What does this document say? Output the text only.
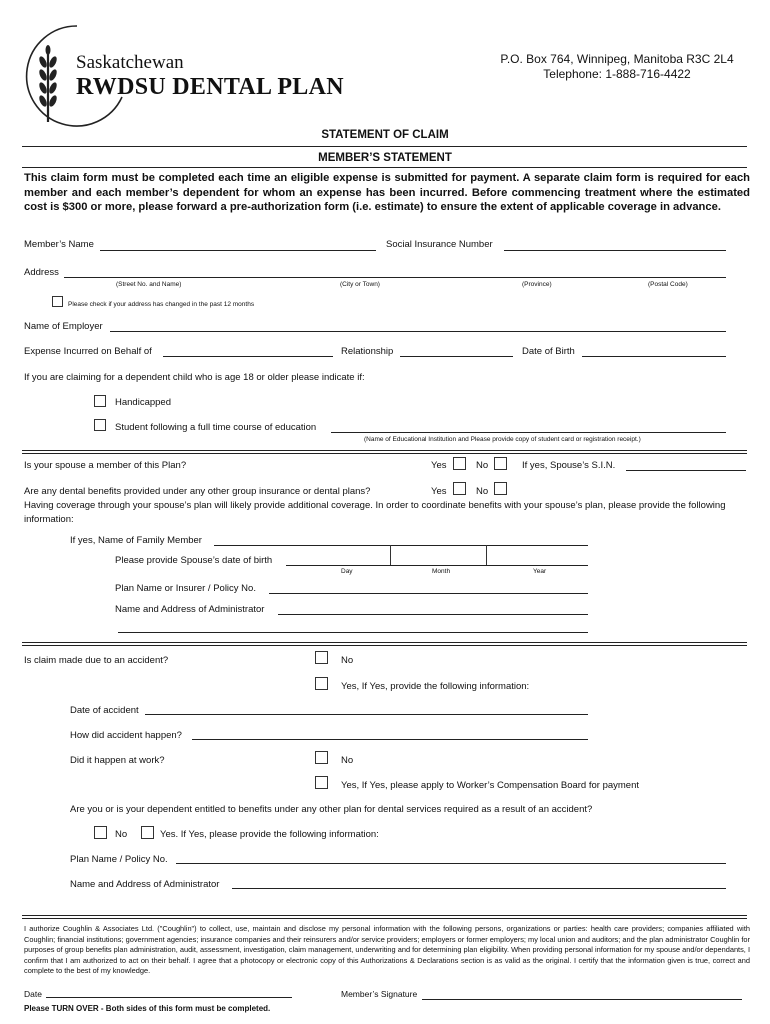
Saskatchewan
RWDSU DENTAL PLAN
P.O. Box 764, Winnipeg, Manitoba R3C 2L4
Telephone: 1-888-716-4422
STATEMENT OF CLAIM
MEMBER’S STATEMENT
This claim form must be completed each time an eligible expense is submitted for payment. A separate claim form is required for each member and each member’s dependent for whom an expense has been incurred. Before commencing treatment where the estimated cost is $300 or more, please forward a pre-authorization form (i.e. estimate) to ensure the extent of applicable coverage in advance.
Member’s Name	Social Insurance Number
Address
(Street No. and Name)	(City or Town)	(Province)	(Postal Code)
Please check if your address has changed in the past 12 months
Name of Employer
Expense Incurred on Behalf of	Relationship	Date of Birth
If you are claiming for a dependent child who is age 18 or older please indicate if:
Handicapped
Student following a full time course of education
(Name of Educational Institution and Please provide copy of student card or registration receipt.)
Is your spouse a member of this Plan?	Yes	No	If yes, Spouse’s S.I.N.
Are any dental benefits provided under any other group insurance or dental plans?	Yes	No
Having coverage through your spouse’s plan will likely provide additional coverage. In order to coordinate benefits with your spouse’s plan, please provide the following information:
If yes, Name of Family Member
Please provide Spouse’s date of birth
Day	Month	Year
Plan Name or Insurer / Policy No.
Name and Address of Administrator
Is claim made due to an accident?	No
Yes, If Yes, provide the following information:
Date of accident
How did accident happen?
Did it happen at work?	No
Yes, If Yes, please apply to Worker’s Compensation Board for payment
Are you or is your dependent entitled to benefits under any other plan for dental services required as a result of an accident?
No	Yes. If Yes, please provide the following information:
Plan Name / Policy No.
Name and Address of Administrator
I authorize Coughlin & Associates Ltd. ("Coughlin") to collect, use, maintain and disclose my personal information with the following persons, organizations or parties: health care providers; companies affiliated with Coughlin; financial institutions; government agencies; insurance companies and their reinsurers and/or service providers; employers or former employers; my local union and auditors; and the plan administrator Coughlin for purposes of group benefits plan administration, audit, assessment, investigation, claim management, underwriting and for determining plan eligibility. When providing personal information for my spouse and/or dependants, I confirm that I am authorized to act on their behalf. I agree that a photocopy or electronic copy of this Authorizations & Declarations section is as valid as the original. I certify that the information given is true, correct and complete to the best of my knowledge.
Date	Member’s Signature
Please TURN OVER - Both sides of this form must be completed.
